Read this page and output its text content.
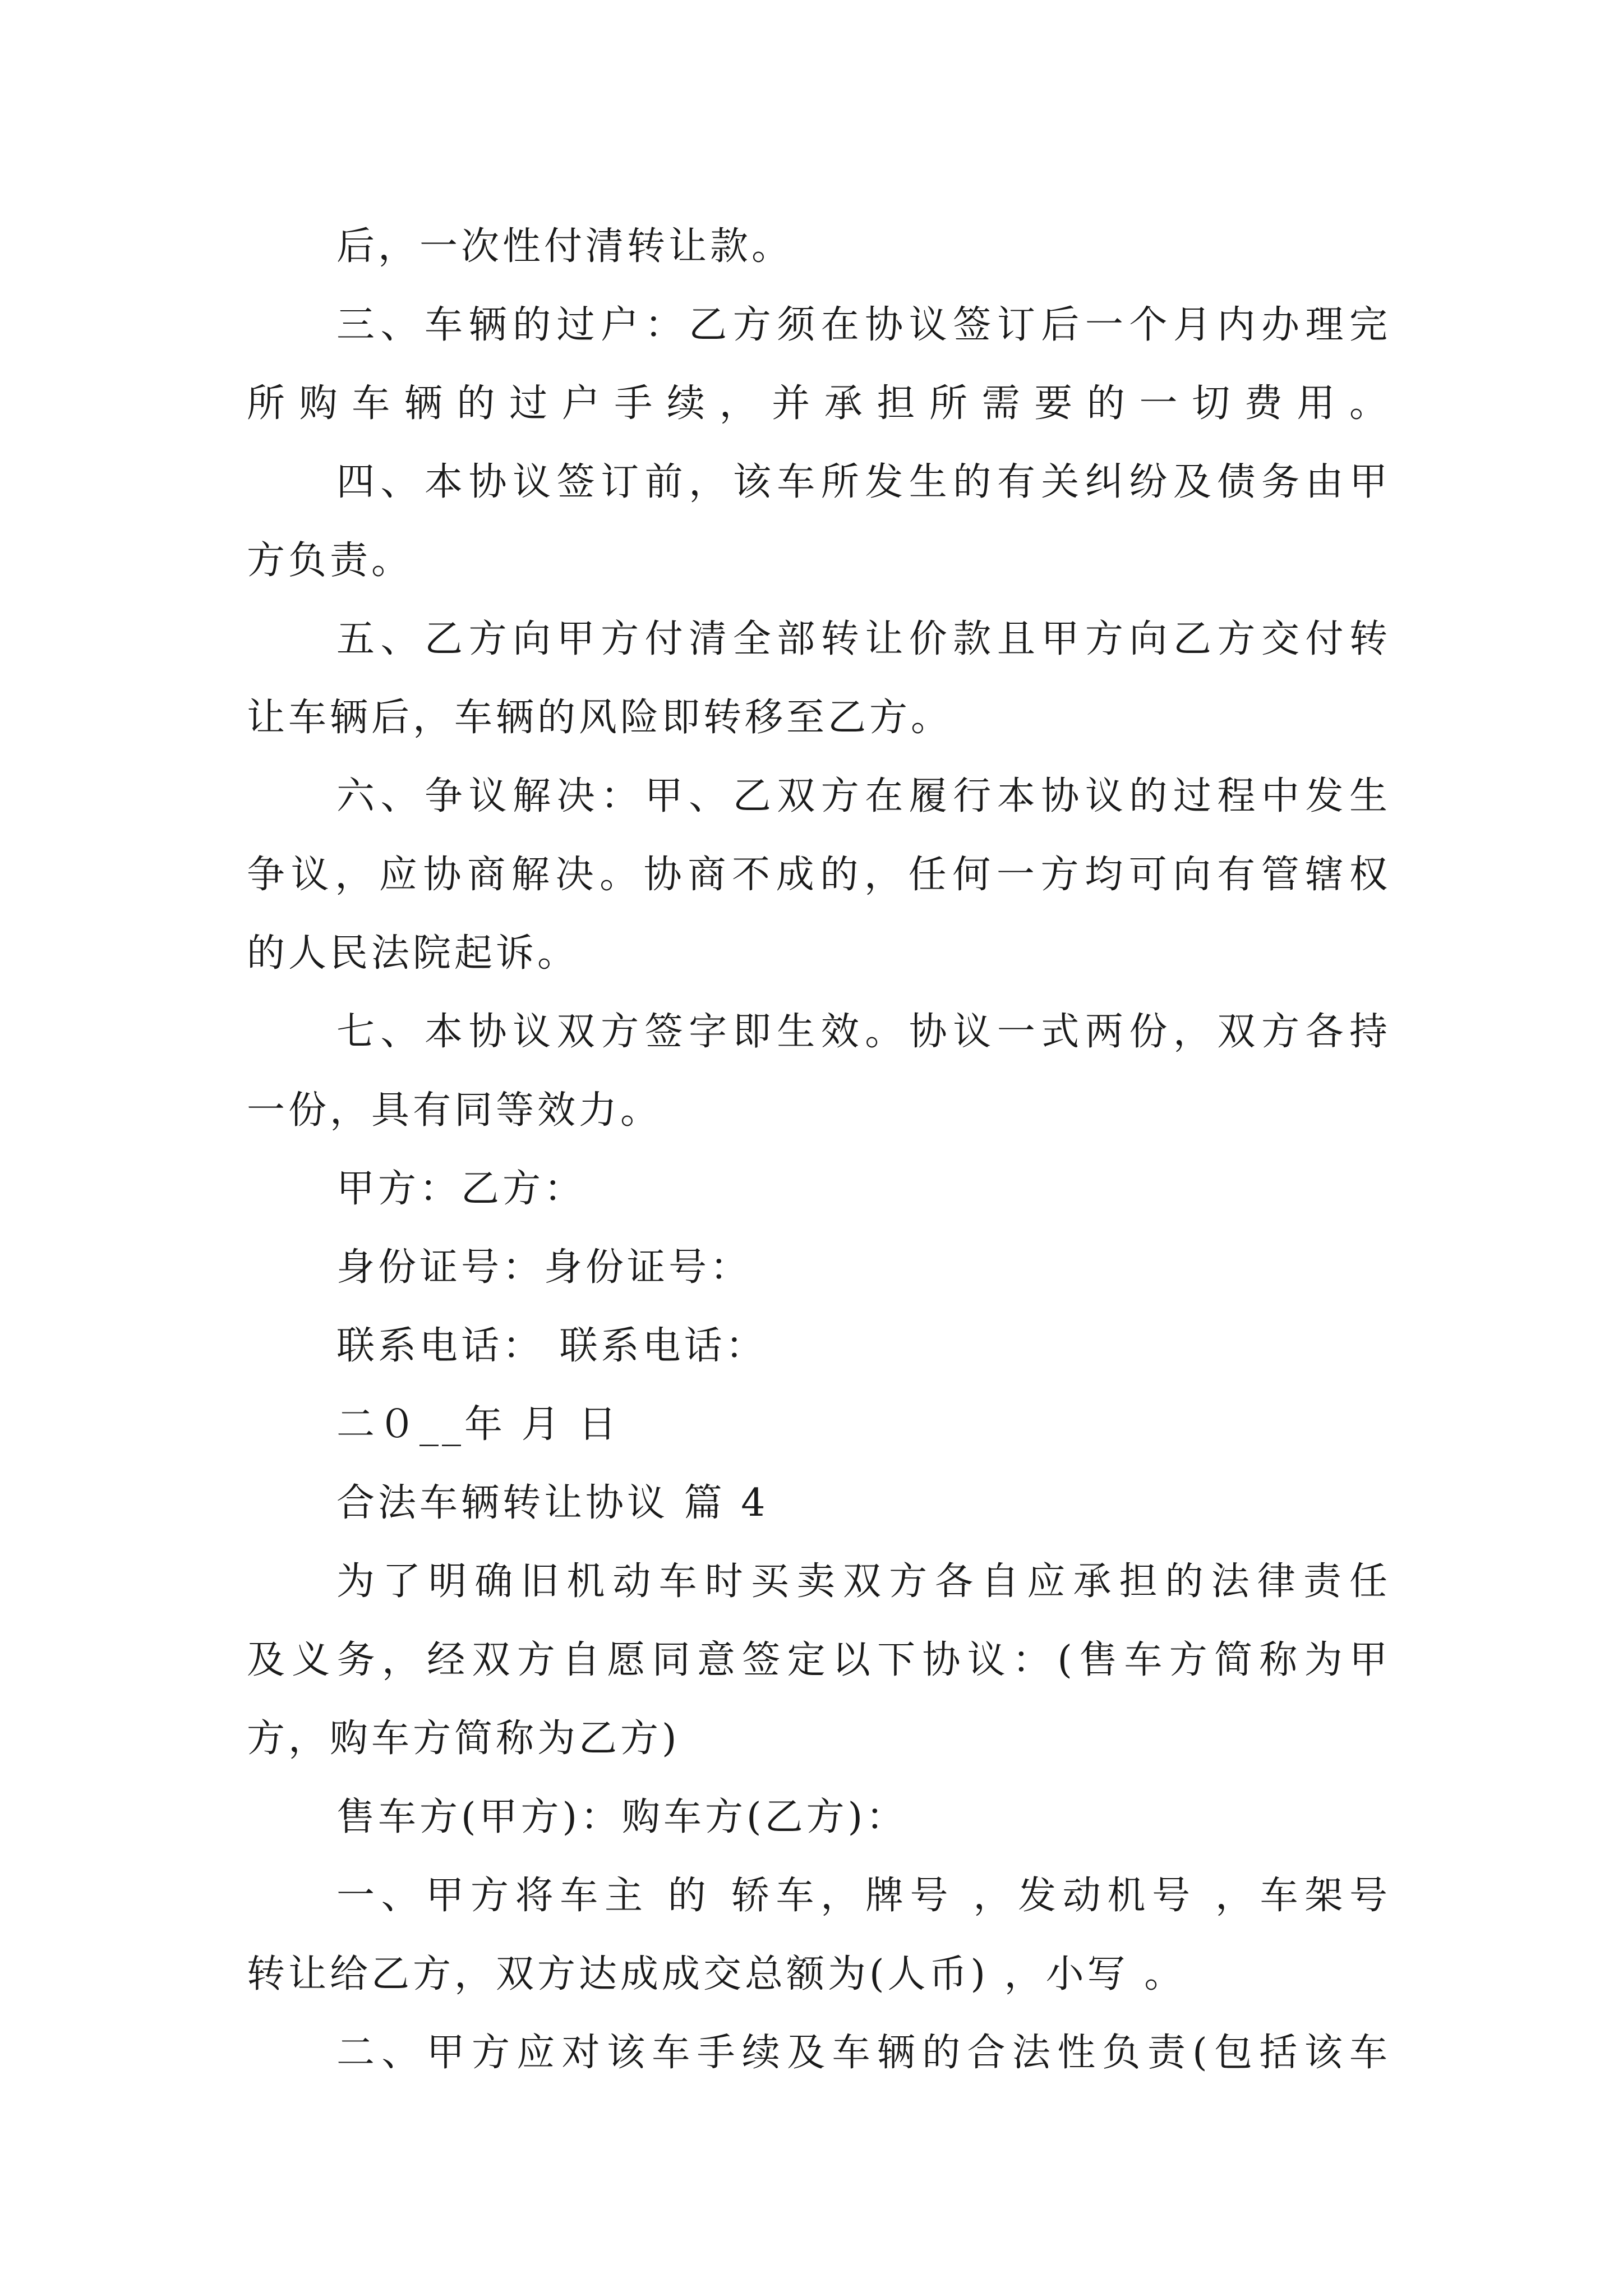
后，一次性付清转让款。
三、车辆的过户：乙方须在协议签订后一个月内办理完
所购车辆的过户手续，并承担所需要的一切费用。
四、本协议签订前，该车所发生的有关纠纷及债务由甲
方负责。
五、乙方向甲方付清全部转让价款且甲方向乙方交付转
让车辆后，车辆的风险即转移至乙方。
六、争议解决：甲、乙双方在履行本协议的过程中发生
争议，应协商解决。协商不成的，任何一方均可向有管辖权
的人民法院起诉。
七、本协议双方签字即生效。协议一式两份，双方各持
一份，具有同等效力。
甲方：乙方：
身份证号：身份证号：
联系电话： 联系电话：
二０__年 月 日
合法车辆转让协议 篇 4
为了明确旧机动车时买卖双方各自应承担的法律责任
及义务，经双方自愿同意签定以下协议：(售车方简称为甲
方，购车方简称为乙方)
售车方(甲方)：购车方(乙方)：
一、甲方将车主 的 轿车，牌号 ，发动机号 ，车架号
转让给乙方，双方达成成交总额为(人币) ，小写 。
二、甲方应对该车手续及车辆的合法性负责(包括该车
